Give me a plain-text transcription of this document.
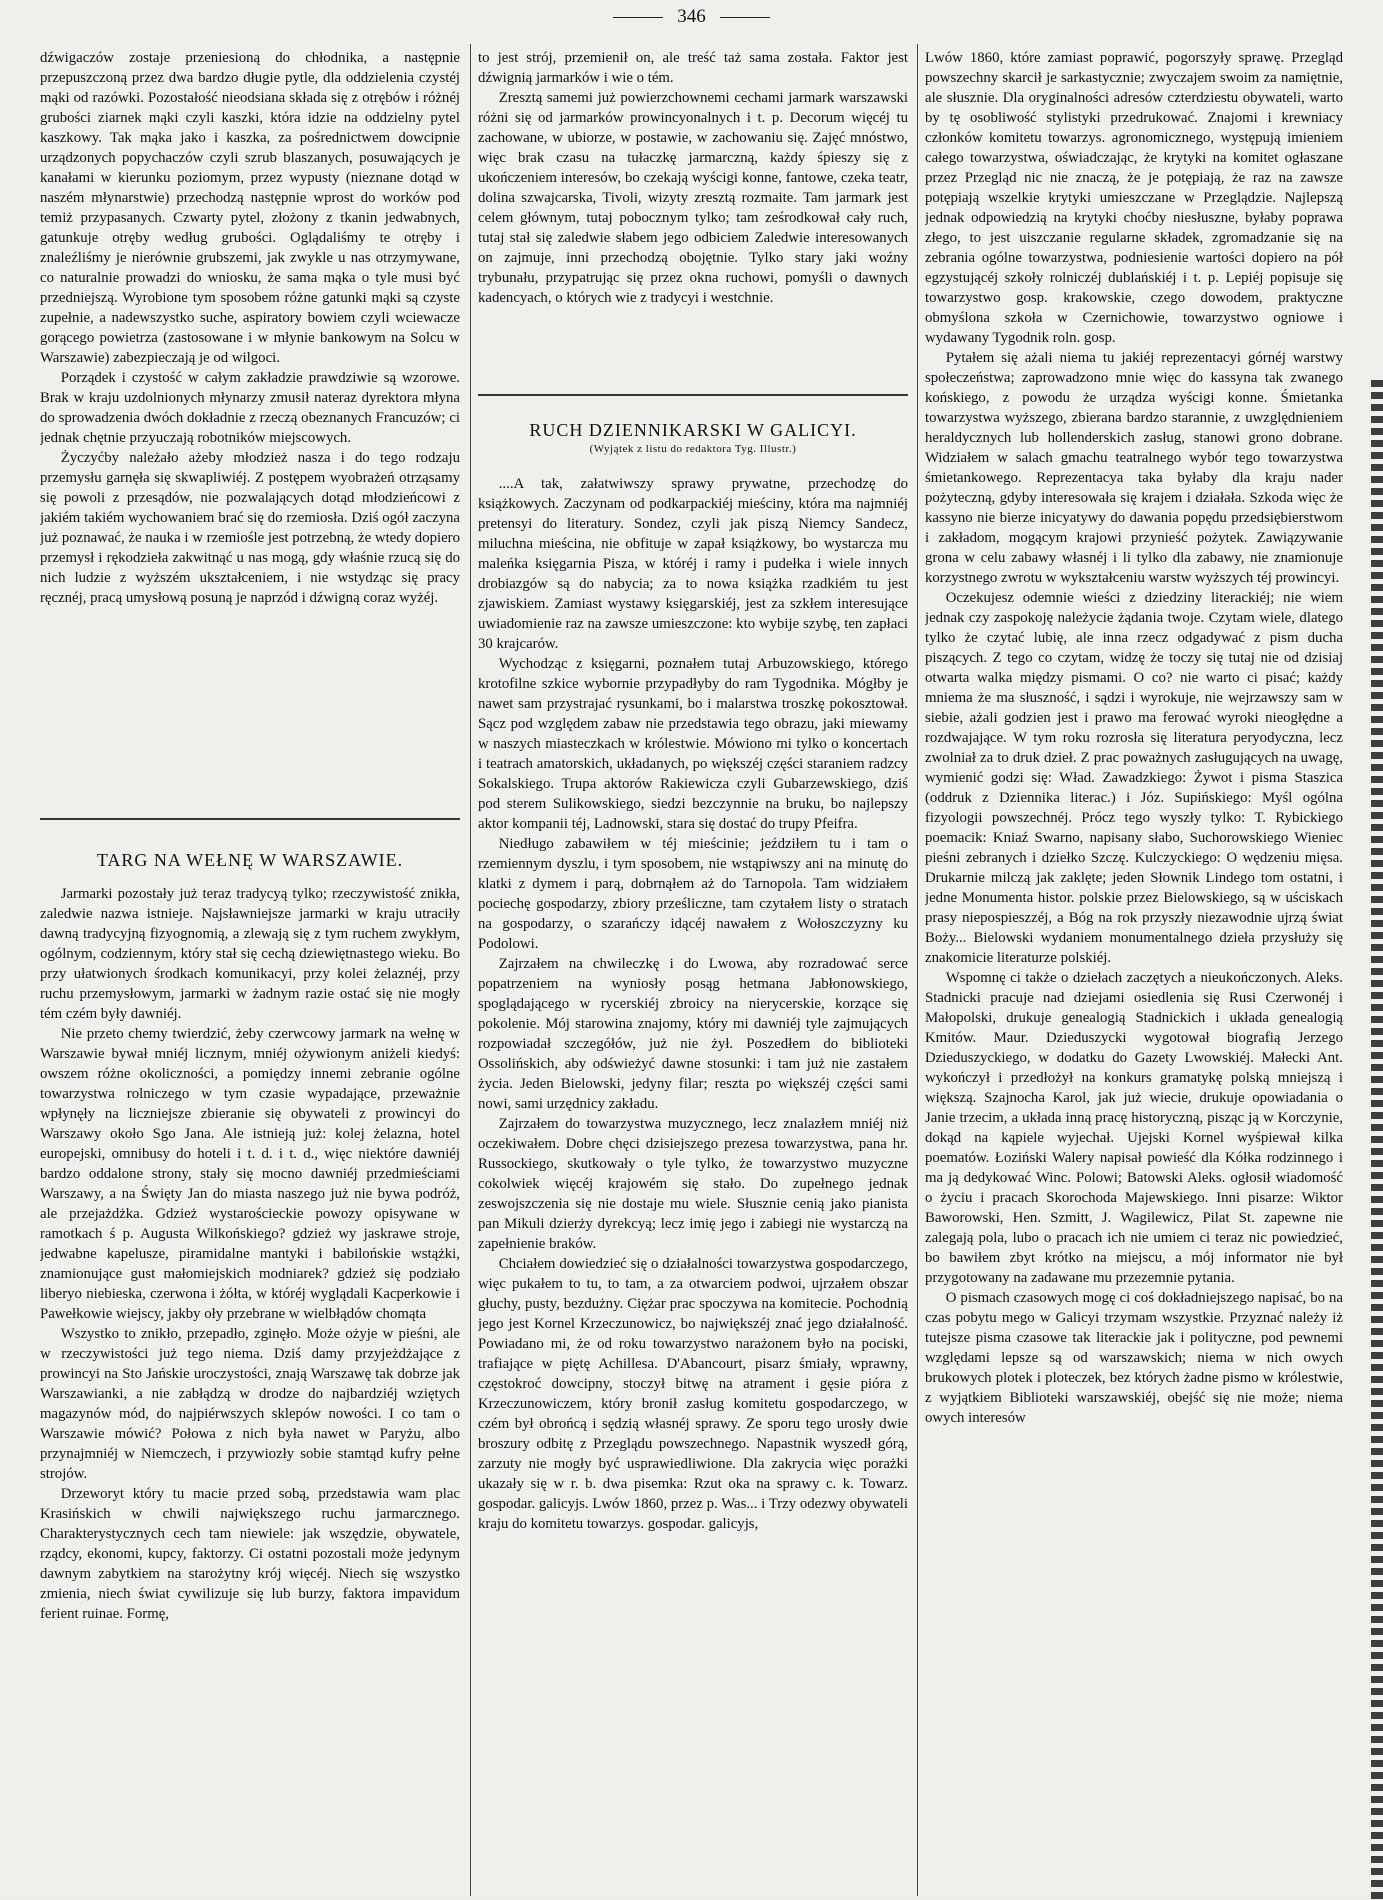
346

dźwigaczów zostaje przeniesioną do chłodnika, a następnie przepuszczoną przez dwa bardzo długie pytle, dla oddzielenia czystéj mąki od razówki. Pozostałość nieodsiana składa się z otrębów i różnéj grubości ziarnek mąki czyli kaszki, która idzie na oddzielny pytel kaszkowy. Tak mąka jako i kaszka, za pośrednictwem dowcipnie urządzonych popychaczów czyli szrub blaszanych, posuwających je kanałami w kierunku poziomym, przez wypusty (nieznane dotąd w naszém młynarstwie) przechodzą następnie wprost do worków pod temiż przypasanych. Czwarty pytel, złożony z tkanin jedwabnych, gatunkuje otręby według grubości. Oglądaliśmy te otręby i znaleźliśmy je nierównie grubszemi, jak zwykle u nas otrzymywane, co naturalnie prowadzi do wniosku, że sama mąka o tyle musi być przedniejszą. Wyrobione tym sposobem różne gatunki mąki są czyste zupełnie, a nadewszystko suche, aspiratory bowiem czyli wciewacze gorącego powietrza (zastosowane i w młynie bankowym na Solcu w Warszawie) zabezpieczają je od wilgoci.

Porządek i czystość w całym zakładzie prawdziwie są wzorowe. Brak w kraju uzdolnionych młynarzy zmusił nateraz dyrektora młyna do sprowadzenia dwóch dokładnie z rzeczą obeznanych Francuzów; ci jednak chętnie przyuczają robotników miejscowych.

Życzyćby należało ażeby młodzież nasza i do tego rodzaju przemysłu garnęła się skwapliwiéj. Z postępem wyobrażeń otrząsamy się powoli z przesądów, nie pozwalających dotąd młodzieńcowi z jakiém takiém wychowaniem brać się do rzemiosła. Dziś ogół zaczyna już poznawać, że nauka i w rzemiośle jest potrzebną, że wtedy dopiero przemysł i rękodzieła zakwitnąć u nas mogą, gdy właśnie rzucą się do nich ludzie z wyższém ukształceniem, i nie wstydząc się pracy ręcznéj, pracą umysłową posuną je naprzód i dźwigną coraz wyżéj.

TARG NA WEŁNĘ W WARSZAWIE.

Jarmarki pozostały już teraz tradycyą tylko; rzeczywistość znikła, zaledwie nazwa istnieje. Najsławniejsze jarmarki w kraju utraciły dawną tradycyjną fizyognomią, a zlewają się z tym ruchem zwykłym, ogólnym, codziennym, który stał się cechą dziewiętnastego wieku. Bo przy ułatwionych środkach komunikacyi, przy kolei żelaznéj, przy ruchu przemysłowym, jarmarki w żadnym razie ostać się nie mogły tém czém były dawniéj.

Nie przeto chemy twierdzić, żeby czerwcowy jarmark na wełnę w Warszawie bywał mniéj licznym, mniéj ożywionym aniżeli kiedyś: owszem różne okoliczności, a pomiędzy innemi zebranie ogólne towarzystwa rolniczego w tym czasie wypadające, przeważnie wpłynęły na liczniejsze zbieranie się obywateli z prowincyi do Warszawy około Sgo Jana. Ale istnieją już: kolej żelazna, hotel europejski, omnibusy do hoteli i t. d. i t. d., więc niektóre dawniéj bardzo oddalone strony, stały się mocno dawniéj przedmieściami Warszawy, a na Święty Jan do miasta naszego już nie bywa podróż, ale przejażdżka. Gdzież wystarościeckie powozy opisywane w ramotkach ś p. Augusta Wilkońskiego? gdzież wy jaskrawe stroje, jedwabne kapelusze, piramidalne mantyki i babilońskie wstążki, znamionujące gust małomiejskich modniarek? gdzież się podziało liberyo niebieska, czerwona i żółta, w któréj wyglądali Kacperkowie i Pawełkowie wiejscy, jakby oły przebrane w wielbłądów chomąta

Wszystko to znikło, przepadło, zginęło. Może ożyje w pieśni, ale w rzeczywistości już tego niema. Dziś damy przyjeżdżające z prowincyi na Sto Jańskie uroczystości, znają Warszawę tak dobrze jak Warszawianki, a nie zabłądzą w drodze do najbardziéj wziętych magazynów mód, do najpiérwszych sklepów nowości. I co tam o Warszawie mówić? Połowa z nich była nawet w Paryżu, albo przynajmniéj w Niemczech, i przywiozły sobie stamtąd kufry pełne strojów.

Drzeworyt który tu macie przed sobą, przedstawia wam plac Krasińskich w chwili największego ruchu jarmarcznego. Charakterystycznych cech tam niewiele: jak wszędzie, obywatele, rządcy, ekonomi, kupcy, faktorzy. Ci ostatni pozostali może jedynym dawnym zabytkiem na starożytny krój więcéj. Niech się wszystko zmienia, niech świat cywilizuje się lub burzy, faktora impavidum ferient ruinae. Formę,

to jest strój, przemienił on, ale treść taż sama została. Faktor jest dźwignią jarmarków i wie o tém.

Zresztą samemi już powierzchownemi cechami jarmark warszawski różni się od jarmarków prowincyonalnych i t. p. Decorum więcéj tu zachowane, w ubiorze, w postawie, w zachowaniu się. Zajęć mnóstwo, więc brak czasu na tułaczkę jarmarczną, każdy śpieszy się z ukończeniem interesów, bo czekają wyścigi konne, fantowe, czeka teatr, dolina szwajcarska, Tivoli, wizyty zresztą rozmaite. Tam jarmark jest celem głównym, tutaj pobocznym tylko; tam ześrodkował cały ruch, tutaj stał się zaledwie słabem jego odbiciem Zaledwie interesowanych on zajmuje, inni przechodzą obojętnie. Tylko stary jaki woźny trybunału, przypatrując się przez okna ruchowi, pomyśli o dawnych kadencyach, o których wie z tradycyi i westchnie.

RUCH DZIENNIKARSKI W GALICYI.
(Wyjątek z listu do redaktora Tyg. Illustr.)

....A tak, załatwiwszy sprawy prywatne, przechodzę do książkowych. Zaczynam od podkarpackiéj mieściny, która ma najmniéj pretensyi do literatury. Sondez, czyli jak piszą Niemcy Sandecz, miluchna mieścina, nie obfituje w zapał książkowy, bo wystarcza mu maleńka księgarnia Pisza, w któréj i ramy i pudełka i wiele innych drobiazgów są do nabycia; za to nowa książka rzadkiém tu jest zjawiskiem. Zamiast wystawy księgarskiéj, jest za szkłem interesujące uwiadomienie raz na zawsze umieszczone: kto wybije szybę, ten zapłaci 30 krajcarów.

Wychodząc z księgarni, poznałem tutaj Arbuzowskiego, którego krotofilne szkice wybornie przypadłyby do ram Tygodnika. Mógłby je nawet sam przystrajać rysunkami, bo i malarstwa troszkę pokosztował. Sącz pod względem zabaw nie przedstawia tego obrazu, jaki miewamy w naszych miasteczkach w królestwie. Mówiono mi tylko o koncertach i teatrach amatorskich, układanych, po większéj części staraniem radzcy Sokalskiego. Trupa aktorów Rakiewicza czyli Gubarzewskiego, dziś pod sterem Sulikowskiego, siedzi bezczynnie na bruku, bo najlepszy aktor kompanii téj, Ladnowski, stara się dostać do trupy Pfeifra.

Niedługo zabawiłem w téj mieścinie; jeździłem tu i tam o rzemiennym dyszlu, i tym sposobem, nie wstąpiwszy ani na minutę do klatki z dymem i parą, dobrnąłem aż do Tarnopola. Tam widziałem pociechę gospodarzy, zbiory prześliczne, tam czytałem listy o stratach na gospodarzy, o szarańczy idącéj nawałem z Wołoszczyzny ku Podolowi.

Zajrzałem na chwileczkę i do Lwowa, aby rozradować serce popatrzeniem na wyniosły posąg hetmana Jabłonowskiego, spoglądającego w rycerskiéj zbroicy na nierycerskie, korzące się pokolenie. Mój starowina znajomy, który mi dawniéj tyle zajmujących rozpowiadał szczegółów, już nie żył. Poszedłem do biblioteki Ossolińskich, aby odświeżyć dawne stosunki: i tam już nie zastałem życia. Jeden Bielowski, jedyny filar; reszta po większéj części sami nowi, sami urzędnicy zakładu.

Zajrzałem do towarzystwa muzycznego, lecz znalazłem mniéj niż oczekiwałem. Dobre chęci dzisiejszego prezesa towarzystwa, pana hr. Russockiego, skutkowały o tyle tylko, że towarzystwo muzyczne cokolwiek więcéj krajowém się stało. Do zupełnego jednak zeswojszczenia się nie dostaje mu wiele. Słusznie cenią jako pianista pan Mikuli dzierży dyrekcyą; lecz imię jego i zabiegi nie wystarczą na zapełnienie braków.

Chciałem dowiedzieć się o działalności towarzystwa gospodarczego, więc pukałem to tu, to tam, a za otwarciem podwoi, ujrzałem obszar głuchy, pusty, bezdużny. Ciężar prac spoczywa na komitecie. Pochodnią jego jest Kornel Krzeczunowicz, bo największéj znać jego działalność. Powiadano mi, że od roku towarzystwo narażonem było na pociski, trafiające w piętę Achillesa. D'Abancourt, pisarz śmiały, wprawny, częstokroć dowcipny, stoczył bitwę na atrament i gęsie pióra z Krzeczunowiczem, który bronił zasług komitetu gospodarczego, w czém był obrońcą i sędzią własnéj sprawy. Ze sporu tego urosły dwie broszury odbitę z Przeglądu powszechnego. Napastnik wyszedł górą, zarzuty nie mogły być usprawiedliwione. Dla zakrycia więc porażki ukazały się w r. b. dwa pisemka: Rzut oka na sprawy c. k. Towarz. gospodar. galicyjs. Lwów 1860, przez p. Was... i Trzy odezwy obywateli kraju do komitetu towarzys. gospodar. galicyjs,

Lwów 1860, które zamiast poprawić, pogorszyły sprawę. Przegląd powszechny skarcił je sarkastycznie; zwyczajem swoim za namiętnie, ale słusznie. Dla oryginalności adresów czterdziestu obywateli, warto by tę osobliwość stylistyki przedrukować. Znajomi i krewniacy członków komitetu towarzys. agronomicznego, występują imieniem całego towarzystwa, oświadczając, że krytyki na komitet ogłaszane przez Przegląd nic nie znaczą, że je potępiają, że raz na zawsze potępiają wszelkie krytyki umieszczane w Przeglądzie. Najlepszą jednak odpowiedzią na krytyki choćby niesłuszne, byłaby poprawa złego, to jest uiszczanie regularne składek, zgromadzanie się na zebrania ogólne towarzystwa, podniesienie wartości dopiero na pół egzystującéj szkoły rolniczéj dublańskiéj i t. p. Lepiéj popisuje się towarzystwo gosp. krakowskie, czego dowodem, praktyczne obmyślona szkoła w Czernichowie, towarzystwo ogniowe i wydawany Tygodnik roln. gosp.

Pytałem się ażali niema tu jakiéj reprezentacyi górnéj warstwy społeczeństwa; zaprowadzono mnie więc do kassyna tak zwanego końskiego, z powodu że urządza wyścigi konne. Śmietanka towarzystwa wyższego, zbierana bardzo starannie, z uwzględnieniem heraldycznych lub hollenderskich zasług, stanowi grono dobrane. Widziałem w salach gmachu teatralnego wybór tego towarzystwa śmietankowego. Reprezentacya taka byłaby dla kraju nader pożyteczną, gdyby interesowała się krajem i działała. Szkoda więc że kassyno nie bierze inicyatywy do dawania popędu przedsiębierstwom i zakładom, mogącym krajowi przynieść pożytek. Zawiązywanie grona w celu zabawy własnéj i li tylko dla zabawy, nie znamionuje korzystnego zwrotu w wykształceniu warstw wyższych téj prowincyi.

Oczekujesz odemnie wieści z dziedziny literackiéj; nie wiem jednak czy zaspokoję należycie żądania twoje. Czytam wiele, dlatego tylko że czytać lubię, ale inna rzecz odgadywać z pism ducha piszących. Z tego co czytam, widzę że toczy się tutaj nie od dzisiaj otwarta walka między pismami. O co? nie warto ci pisać; każdy mniema że ma słuszność, i sądzi i wyrokuje, nie wejrzawszy sam w siebie, ażali godzien jest i prawo ma ferować wyroki nieogłędne a rozdwajające. W tym roku rozrosła się literatura peryodyczna, lecz zwolniał za to druk dzieł. Z prac poważnych zasługujących na uwagę, wymienić godzi się: Wład. Zawadzkiego: Żywot i pisma Staszica (oddruk z Dziennika literac.) i Józ. Supińskiego: Myśl ogólna fizyologii powszechnéj. Prócz tego wyszły tylko: T. Rybickiego poemacik: Kniaź Swarno, napisany słabo, Suchorowskiego Wieniec pieśni zebranych i dziełko Szczę. Kulczyckiego: O wędzeniu mięsa. Drukarnie milczą jak zaklęte; jeden Słownik Lindego tom ostatni, i jedne Monumenta histor. polskie przez Bielowskiego, są w uściskach prasy niepospieszzéj, a Bóg na rok przyszły niezawodnie ujrzą świat Boży... Bielowski wydaniem monumentalnego dzieła przysłuży się znakomicie literaturze polskiéj.

Wspomnę ci także o dziełach zaczętych a nieukończonych. Aleks. Stadnicki pracuje nad dziejami osiedlenia się Rusi Czerwonéj i Małopolski, drukuje genealogią Stadnickich i układa genealogią Kmitów. Maur. Dzieduszycki wygotował biografią Jerzego Dzieduszyckiego, w dodatku do Gazety Lwowskiéj. Małecki Ant. wykończył i przedłożył na konkurs gramatykę polską mniejszą i większą. Szajnocha Karol, jak już wiecie, drukuje opowiadania o Janie trzecim, a układa inną pracę historyczną, pisząc ją w Korczynie, dokąd na kąpiele wyjechał. Ujejski Kornel wyśpiewał kilka poematów. Łoziński Walery napisał powieść dla Kółka rodzinnego i ma ją dedykować Winc. Polowi; Batowski Aleks. ogłosił wiadomość o życiu i pracach Skorochoda Majewskiego. Inni pisarze: Wiktor Baworowski, Hen. Szmitt, J. Wagilewicz, Pilat St. zapewne nie zalegają pola, lubo o pracach ich nie umiem ci teraz nic powiedzieć, bo bawiłem zbyt krótko na miejscu, a mój informator nie był przygotowany na zadawane mu przezemnie pytania.

O pismach czasowych mogę ci coś dokładniejszego napisać, bo na czas pobytu mego w Galicyi trzymam wszystkie. Przyznać należy iż tutejsze pisma czasowe tak literackie jak i polityczne, pod pewnemi względami lepsze są od warszawskich; niema w nich owych brukowych plotek i ploteczek, bez których żadne pismo w królestwie, z wyjątkiem Biblioteki warszawskiéj, obejść się nie może; niema owych interesów
